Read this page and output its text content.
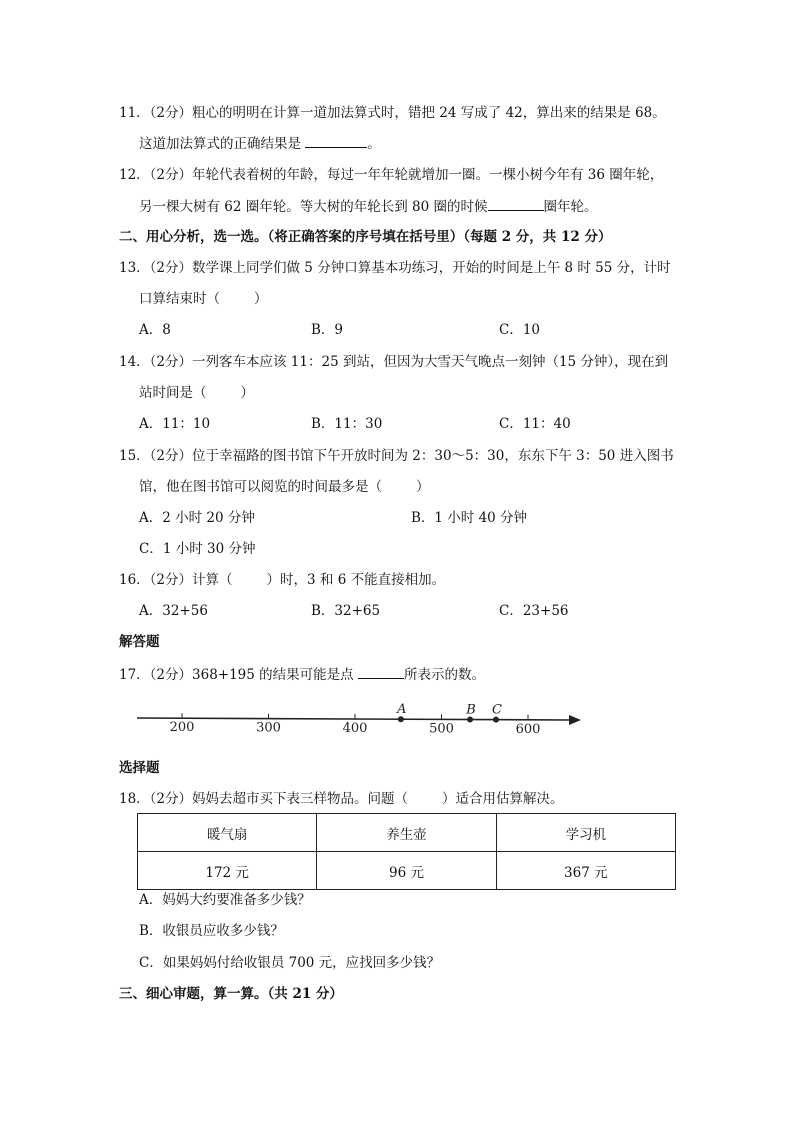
11．（2分）粗心的明明在计算一道加法算式时，错把 24 写成了 42，算出来的结果是 68。
这道加法算式的正确结果是	。
12．（2分）年轮代表着树的年龄，每过一年年轮就增加一圈。一棵小树今年有 36 圈年轮，
另一棵大树有 62 圈年轮。等大树的年轮长到 80 圈的时候	圈年轮。
二、用心分析，选一选。（将正确答案的序号填在括号里）（每题 2 分，共 12 分）
13．（2分）数学课上同学们做 5 分钟口算基本功练习，开始的时间是上午 8 时 55 分，计时
口算结束时（	）
A．8	B．9	C．10
14．（2分）一列客车本应该 11：25 到站，但因为大雪天气晚点一刻钟（15 分钟），现在到
站时间是（	）
A．11：10	B．11：30	C．11：40
15．（2分）位于幸福路的图书馆下午开放时间为 2：30～5：30，东东下午 3：50 进入图书
馆，他在图书馆可以阅览的时间最多是（	）
A．2 小时 20 分钟	B．1 小时 40 分钟
C．1 小时 30 分钟
16．（2分）计算（	）时，3 和 6 不能直接相加。
A．32+56	B．32+65	C．23+56
解答题
17．（2分）368+195 的结果可能是点	所表示的数。
200	300	400	500	600
A	B C
选择题
18．（2分）妈妈去超市买下表三样物品。问题（	）适合用估算解决。
暖气扇	养生壶	学习机
172 元	96 元	367 元
A．妈妈大约要准备多少钱？
B．收银员应收多少钱？
C．如果妈妈付给收银员 700 元，应找回多少钱？
三、细心审题，算一算。（共 21 分）
